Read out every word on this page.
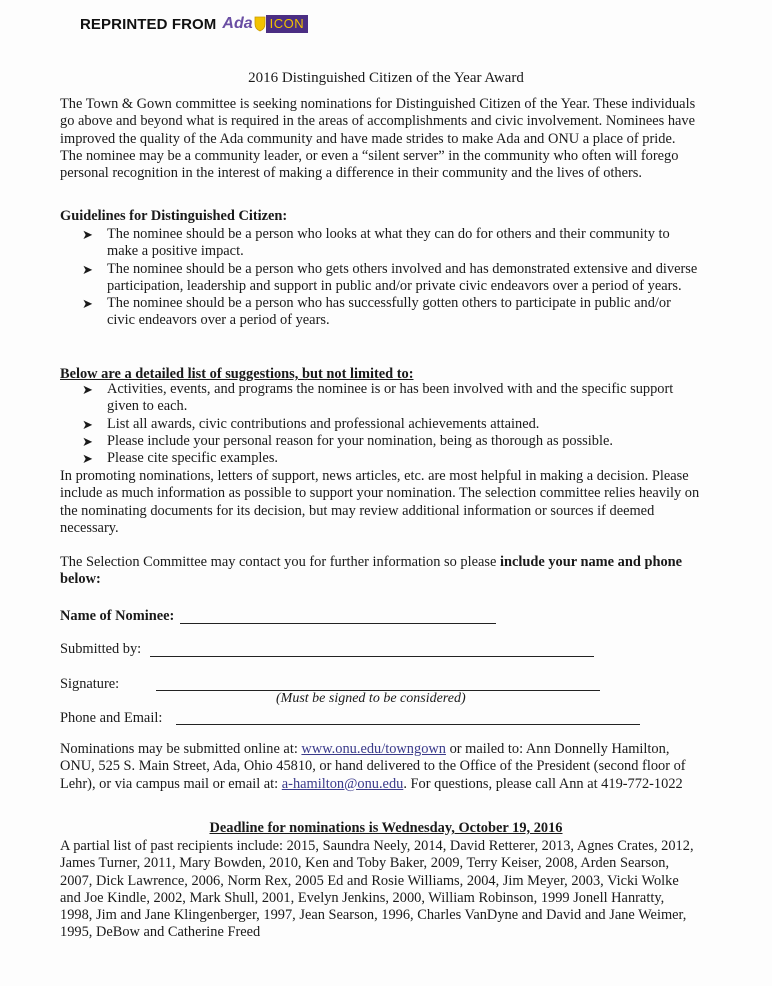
REPRINTED FROM Ada	ICON
2016 Distinguished Citizen of the Year Award
The Town & Gown committee is seeking nominations for Distinguished Citizen of the Year. These individuals go above and beyond what is required in the areas of accomplishments and civic involvement. Nominees have improved the quality of the Ada community and have made strides to make Ada and ONU a place of pride. The nominee may be a community leader, or even a “silent server” in the community who often will forego personal recognition in the interest of making a difference in their community and the lives of others.
Guidelines for Distinguished Citizen:
➤ The nominee should be a person who looks at what they can do for others and their community to make a positive impact.
➤ The nominee should be a person who gets others involved and has demonstrated extensive and diverse participation, leadership and support in public and/or private civic endeavors over a period of years.
➤ The nominee should be a person who has successfully gotten others to participate in public and/or civic endeavors over a period of years.
Below are a detailed list of suggestions, but not limited to:
➤ Activities, events, and programs the nominee is or has been involved with and the specific support given to each.
➤ List all awards, civic contributions and professional achievements attained.
➤ Please include your personal reason for your nomination, being as thorough as possible.
➤ Please cite specific examples.
In promoting nominations, letters of support, news articles, etc. are most helpful in making a decision. Please include as much information as possible to support your nomination. The selection committee relies heavily on the nominating documents for its decision, but may review additional information or sources if deemed necessary.
The Selection Committee may contact you for further information so please include your name and phone below:
Name of Nominee:
Submitted by:
Signature:
(Must be signed to be considered)
Phone and Email:
Nominations may be submitted online at: www.onu.edu/towngown or mailed to: Ann Donnelly Hamilton, ONU, 525 S. Main Street, Ada, Ohio 45810, or hand delivered to the Office of the President (second floor of Lehr), or via campus mail or email at: a-hamilton@onu.edu. For questions, please call Ann at 419-772-1022
Deadline for nominations is Wednesday, October 19, 2016
A partial list of past recipients include: 2015, Saundra Neely, 2014, David Retterer, 2013, Agnes Crates, 2012, James Turner, 2011, Mary Bowden, 2010, Ken and Toby Baker, 2009, Terry Keiser, 2008, Arden Searson, 2007, Dick Lawrence, 2006, Norm Rex, 2005 Ed and Rosie Williams, 2004, Jim Meyer, 2003, Vicki Wolke and Joe Kindle, 2002, Mark Shull, 2001, Evelyn Jenkins, 2000, William Robinson, 1999 Jonell Hanratty, 1998, Jim and Jane Klingenberger, 1997, Jean Searson, 1996, Charles VanDyne and David and Jane Weimer, 1995, DeBow and Catherine Freed
